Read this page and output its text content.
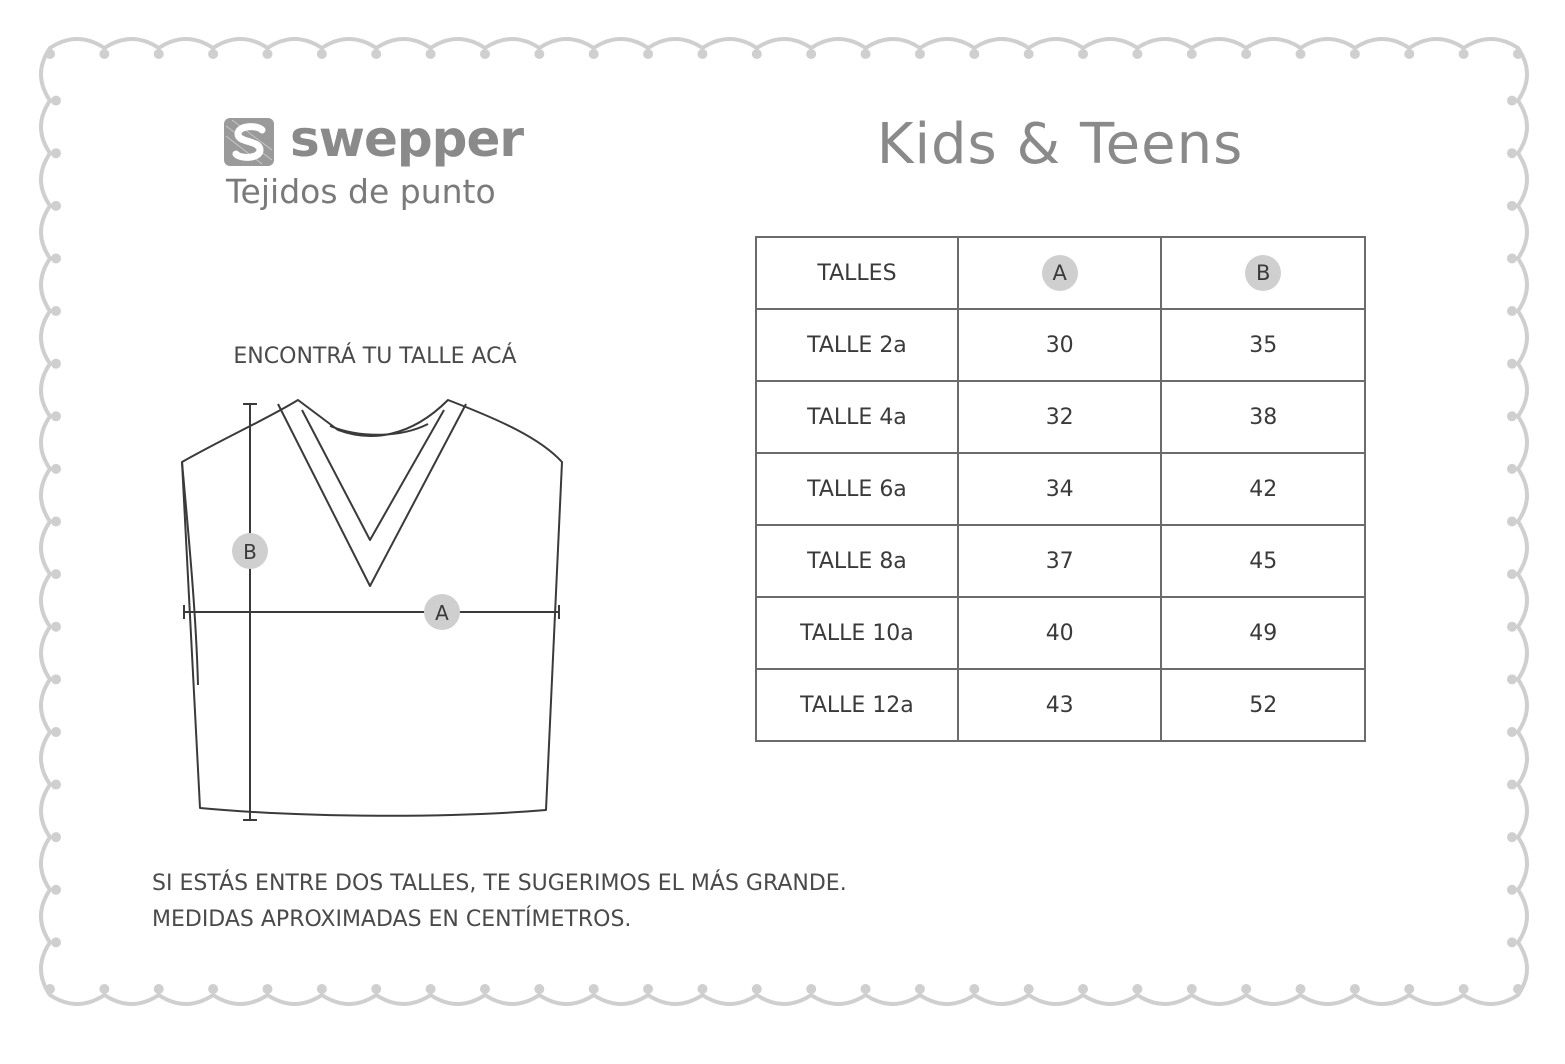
swepper
Tejidos de punto
Kids & Teens
ENCONTRÁ TU TALLE ACÁ
B
A
TALLES	A	B
TALLE 2a	30	35
TALLE 4a	32	38
TALLE 6a	34	42
TALLE 8a	37	45
TALLE 10a	40	49
TALLE 12a	43	52
SI ESTÁS ENTRE DOS TALLES, TE SUGERIMOS EL MÁS GRANDE.
MEDIDAS APROXIMADAS EN CENTÍMETROS.
